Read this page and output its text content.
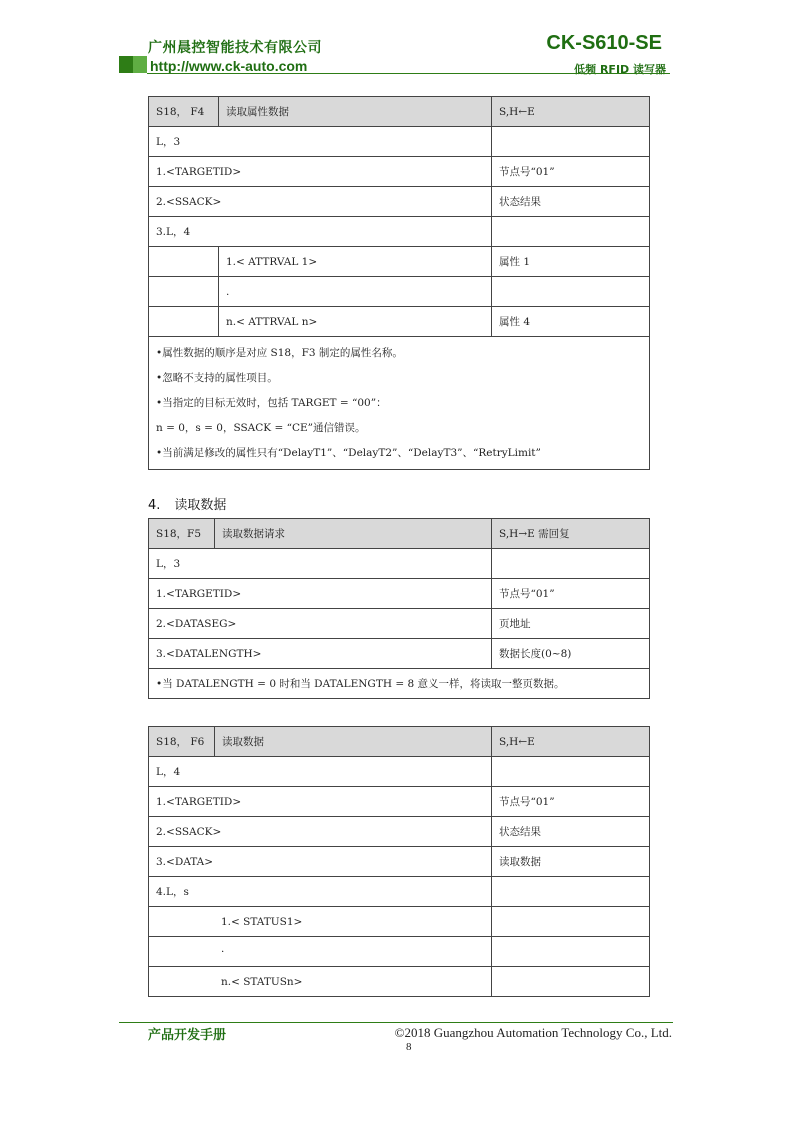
广州晨控智能技术有限公司	CK-S610-SE
http://www.ck-auto.com	低频 RFID 读写器
S18， F4	读取属性数据	S,H←E
L，3		
1.<TARGETID>		节点号“01”
2.<SSACK>		状态结果
3.L，4		
	1.< ATTRVAL 1>	属性 1
	.	
	n.< ATTRVAL n>	属性 4

•属性数据的顺序是对应 S18，F3 制定的属性名称。
•忽略不支持的属性项目。
•当指定的目标无效时，包括 TARGET = “00”：
n = 0，s = 0，SSACK = “CE”通信错误。
•当前满足修改的属性只有“DelayT1”、“DelayT2”、“DelayT3”、“RetryLimit”		
4. 读取数据
S18，F5	读取数据请求	S,H→E 需回复
L，3		
1.<TARGETID>		节点号“01”
2.<DATASEG>		页地址
3.<DATALENGTH>		数据长度(0~8)
•当 DATALENGTH = 0 时和当 DATALENGTH = 8 意义一样，将读取一整页数据。		
S18， F6	读取数据	S,H←E
L，4		
1.<TARGETID>		节点号“01”
2.<SSACK>		状态结果
3.<DATA>		读取数据
4.L，s		
1.< STATUS1>		
·		
n.< STATUSn>		
产品开发手册	©2018 Guangzhou Automation Technology Co., Ltd.
8
